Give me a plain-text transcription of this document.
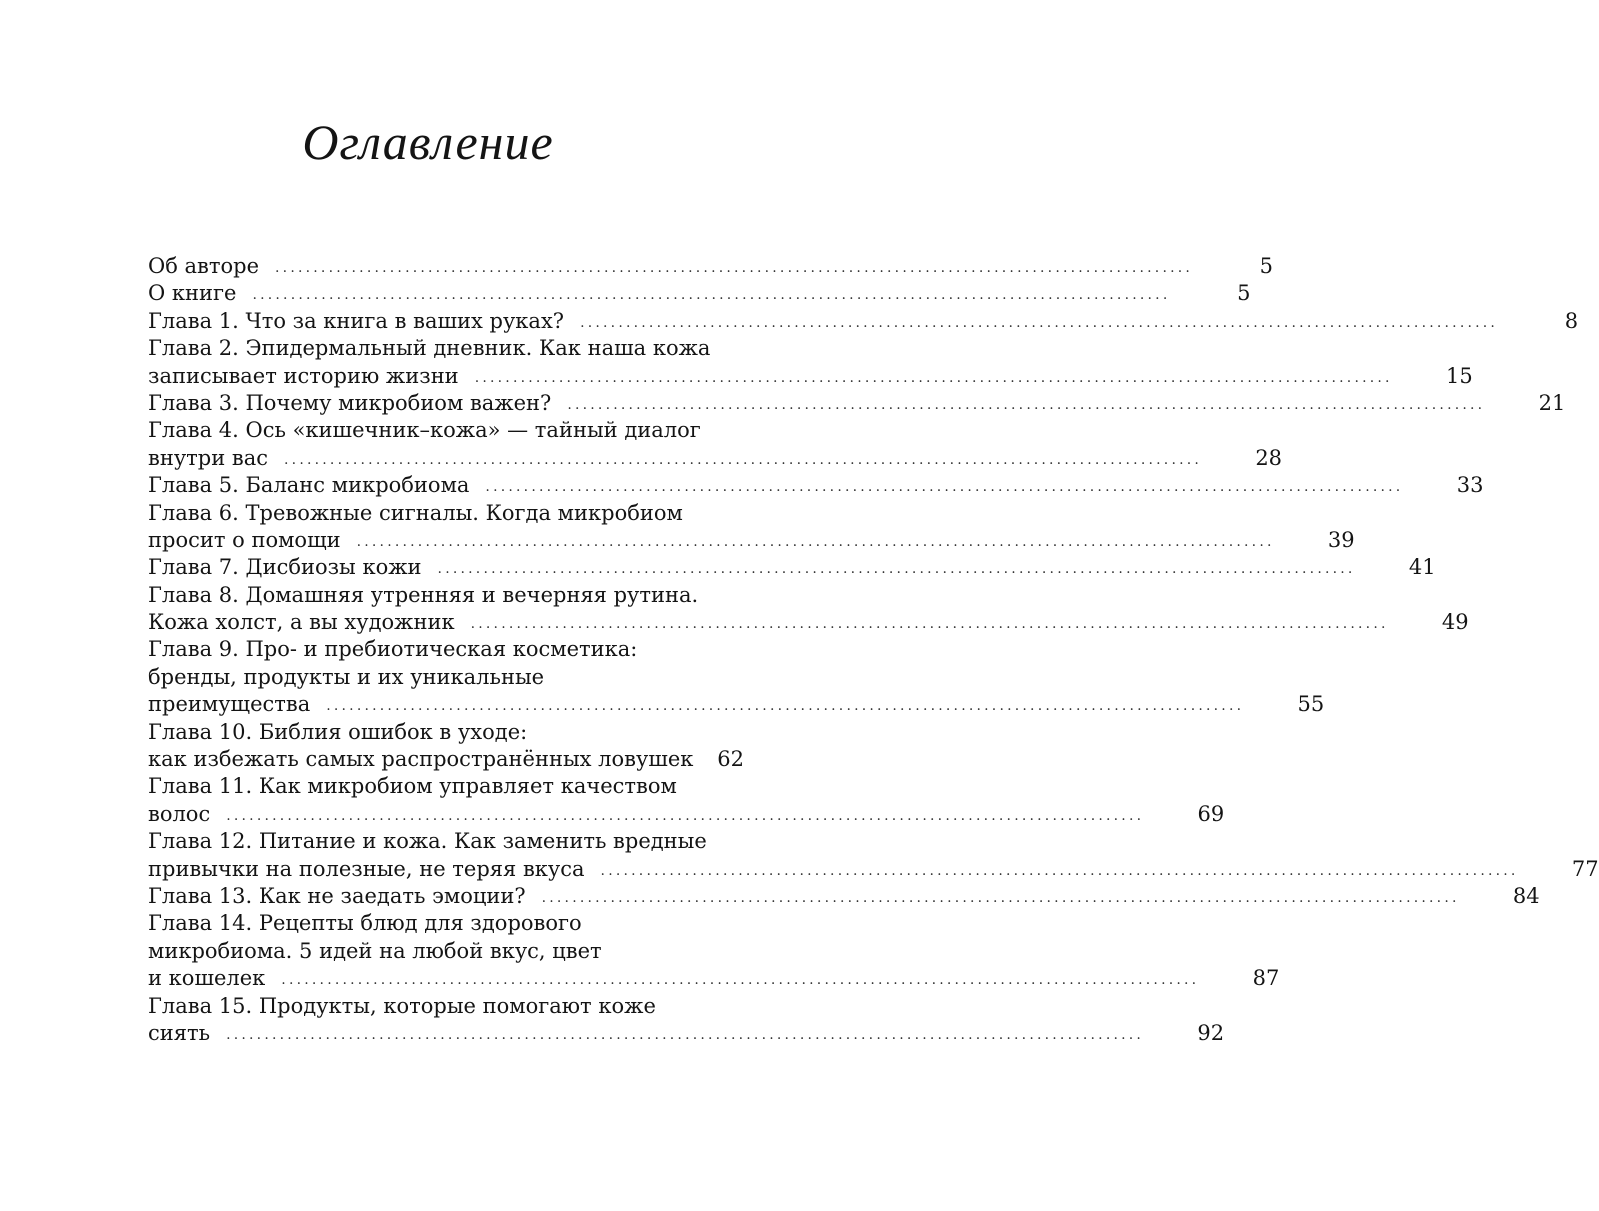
Оглавление
Об авторе ........................................................................................................................	5
О книге ........................................................................................................................	5
Глава 1. Что за книга в ваших руках? ........................................................................................................................	8
Глава 2. Эпидермальный дневник. Как наша кожа
записывает историю жизни ........................................................................................................................	15
Глава 3. Почему микробиом важен? ........................................................................................................................	21
Глава 4. Ось «кишечник–кожа» — тайный диалог
внутри вас ........................................................................................................................	28
Глава 5. Баланс микробиома ........................................................................................................................	33
Глава 6. Тревожные сигналы. Когда микробиом
просит о помощи ........................................................................................................................	39
Глава 7. Дисбиозы кожи ........................................................................................................................	41
Глава 8. Домашняя утренняя и вечерняя рутина.
Кожа холст, а вы художник ........................................................................................................................	49
Глава 9. Про- и пребиотическая косметика:
бренды, продукты и их уникальные
преимущества ........................................................................................................................	55
Глава 10. Библия ошибок в уходе:
как избежать самых распространённых ловушек 62
Глава 11. Как микробиом управляет качеством
волос ........................................................................................................................	69
Глава 12. Питание и кожа. Как заменить вредные
привычки на полезные, не теряя вкуса ........................................................................................................................	77
Глава 13. Как не заедать эмоции? ........................................................................................................................	84
Глава 14. Рецепты блюд для здорового
микробиома. 5 идей на любой вкус, цвет
и кошелек ........................................................................................................................	87
Глава 15. Продукты, которые помогают коже
сиять ........................................................................................................................	92
